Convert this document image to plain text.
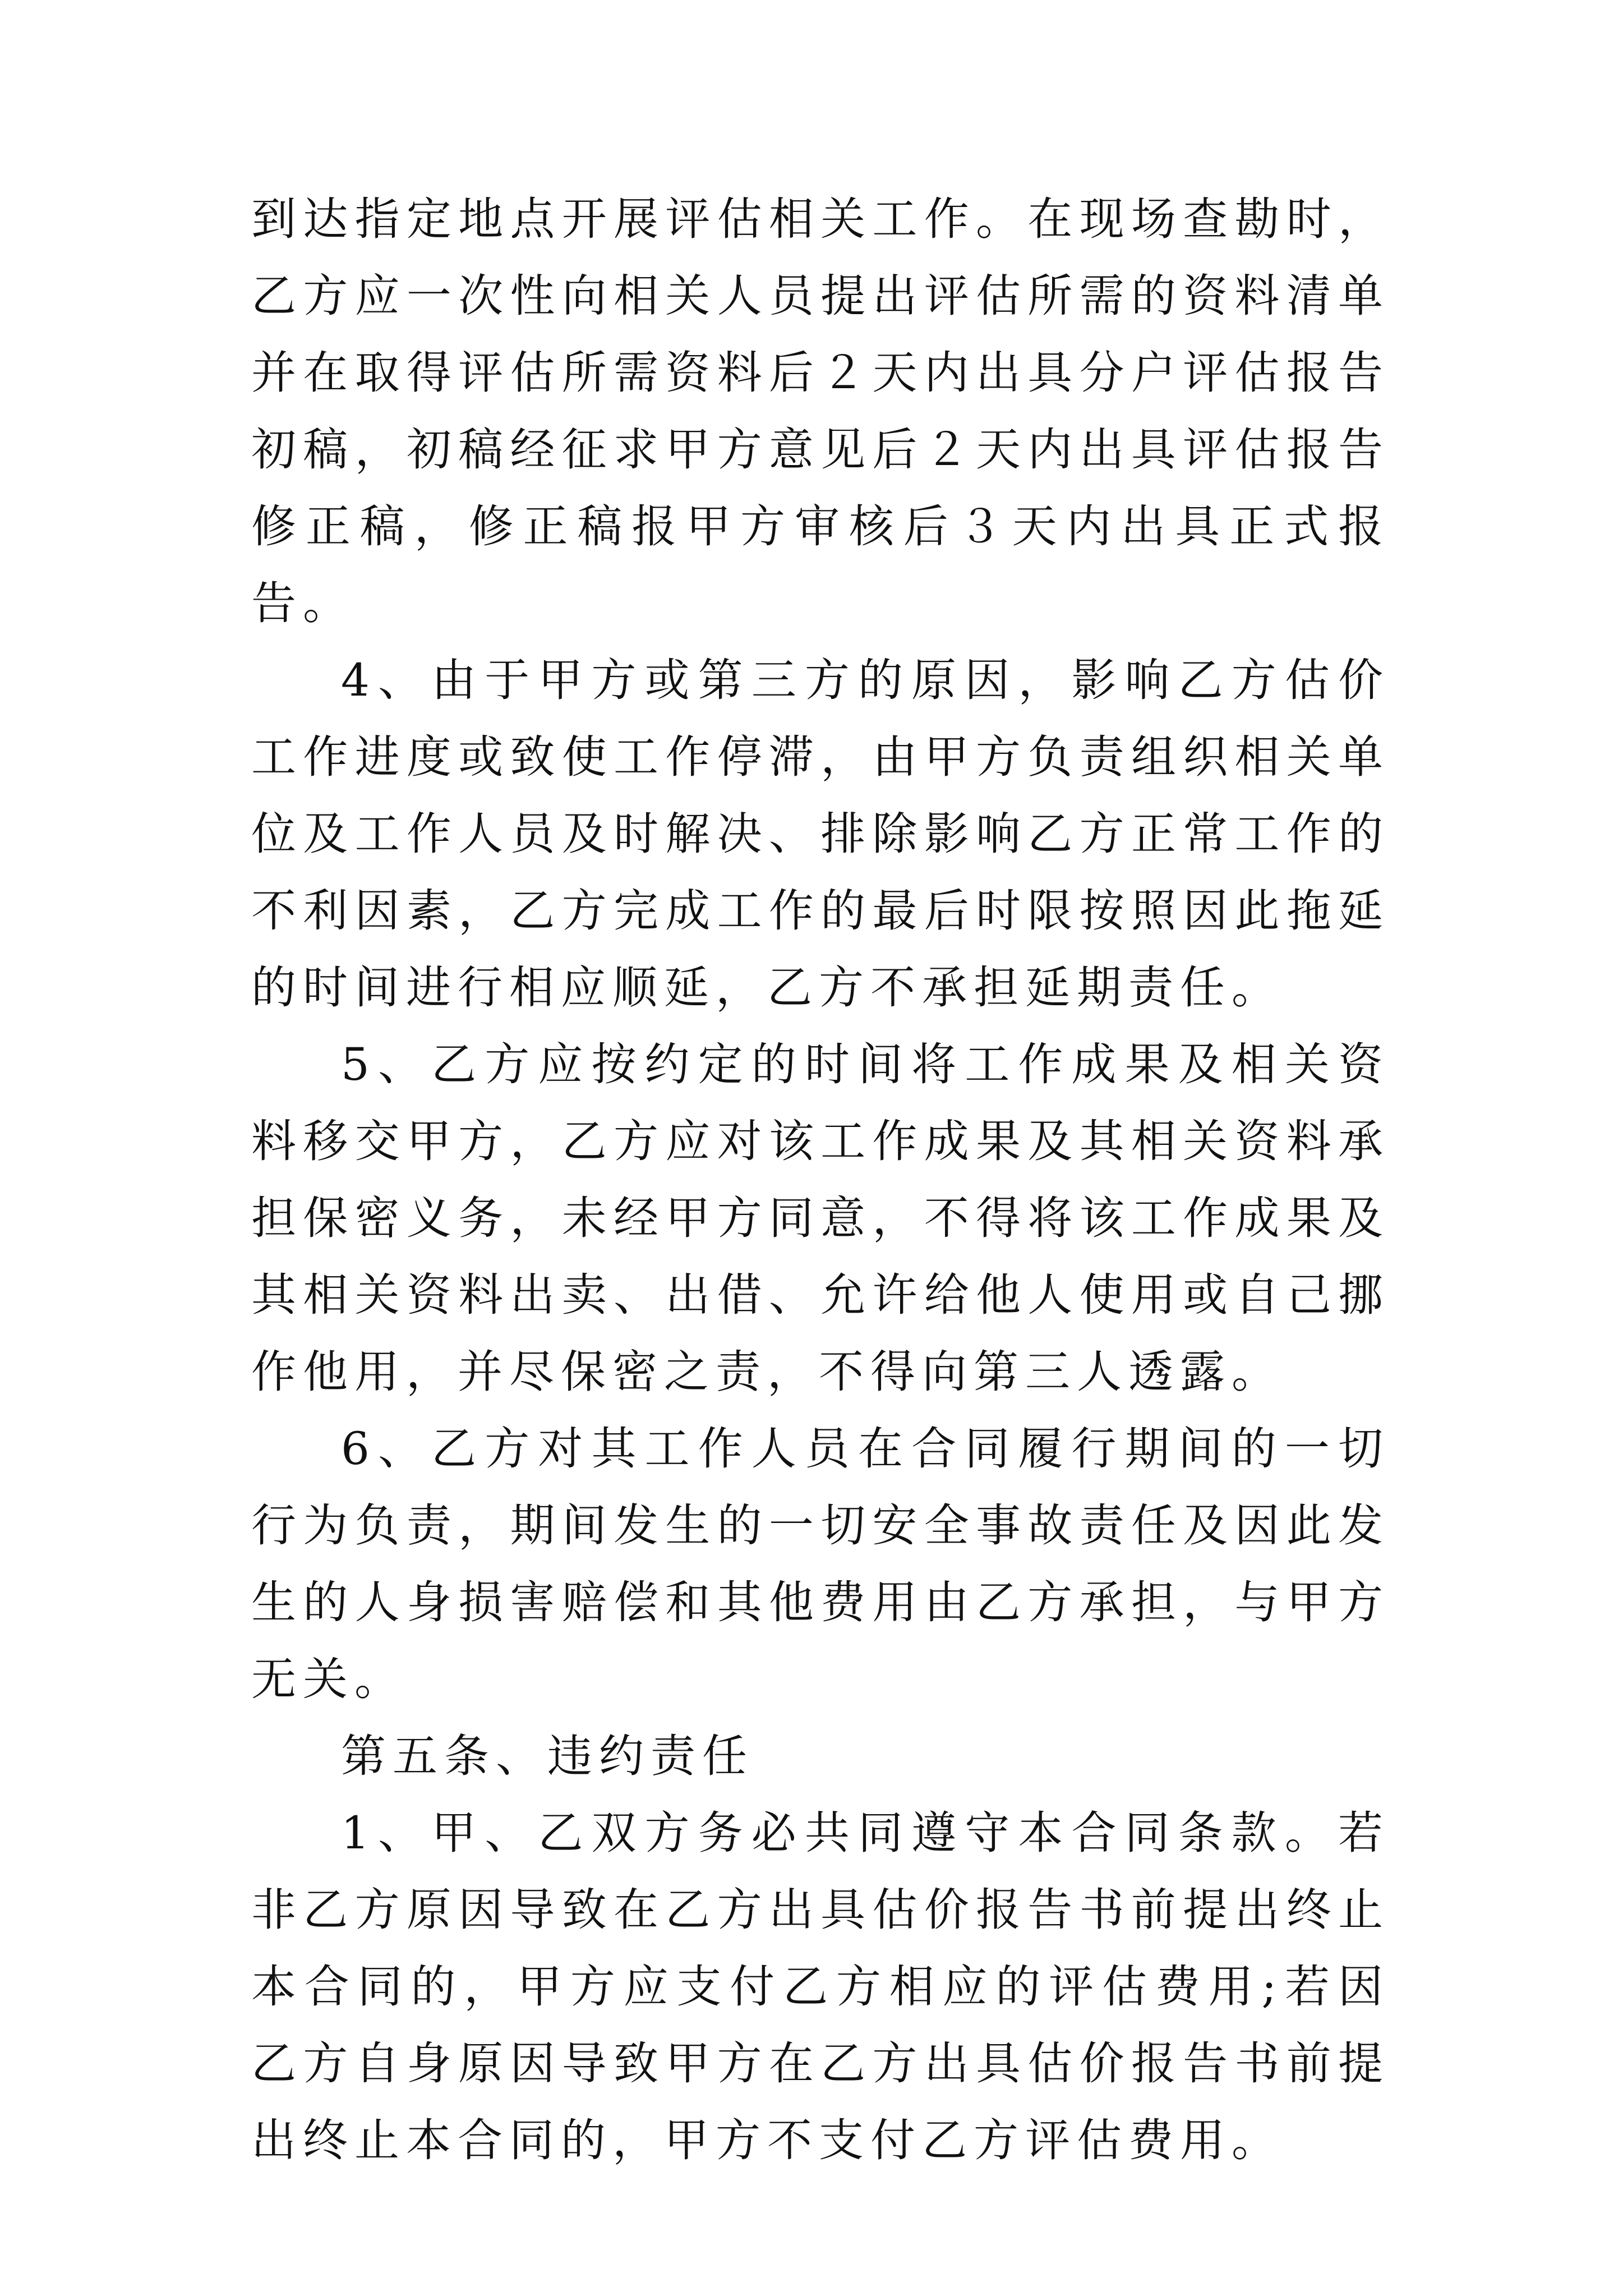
到达指定地点开展评估相关工作。在现场查勘时，乙方应一次性向相关人员提出评估所需的资料清单并在取得评估所需资料后２天内出具分户评估报告初稿，初稿经征求甲方意见后２天内出具评估报告修正稿，修正稿报甲方审核后３天内出具正式报告。

4、由于甲方或第三方的原因，影响乙方估价工作进度或致使工作停滞，由甲方负责组织相关单位及工作人员及时解决、排除影响乙方正常工作的不利因素，乙方完成工作的最后时限按照因此拖延的时间进行相应顺延，乙方不承担延期责任。

5、乙方应按约定的时间将工作成果及相关资料移交甲方，乙方应对该工作成果及其相关资料承担保密义务，未经甲方同意，不得将该工作成果及其相关资料出卖、出借、允许给他人使用或自己挪作他用，并尽保密之责，不得向第三人透露。

6、乙方对其工作人员在合同履行期间的一切行为负责，期间发生的一切安全事故责任及因此发生的人身损害赔偿和其他费用由乙方承担，与甲方无关。

第五条、违约责任

1、甲、乙双方务必共同遵守本合同条款。若非乙方原因导致在乙方出具估价报告书前提出终止本合同的，甲方应支付乙方相应的评估费用;若因乙方自身原因导致甲方在乙方出具估价报告书前提出终止本合同的，甲方不支付乙方评估费用。
